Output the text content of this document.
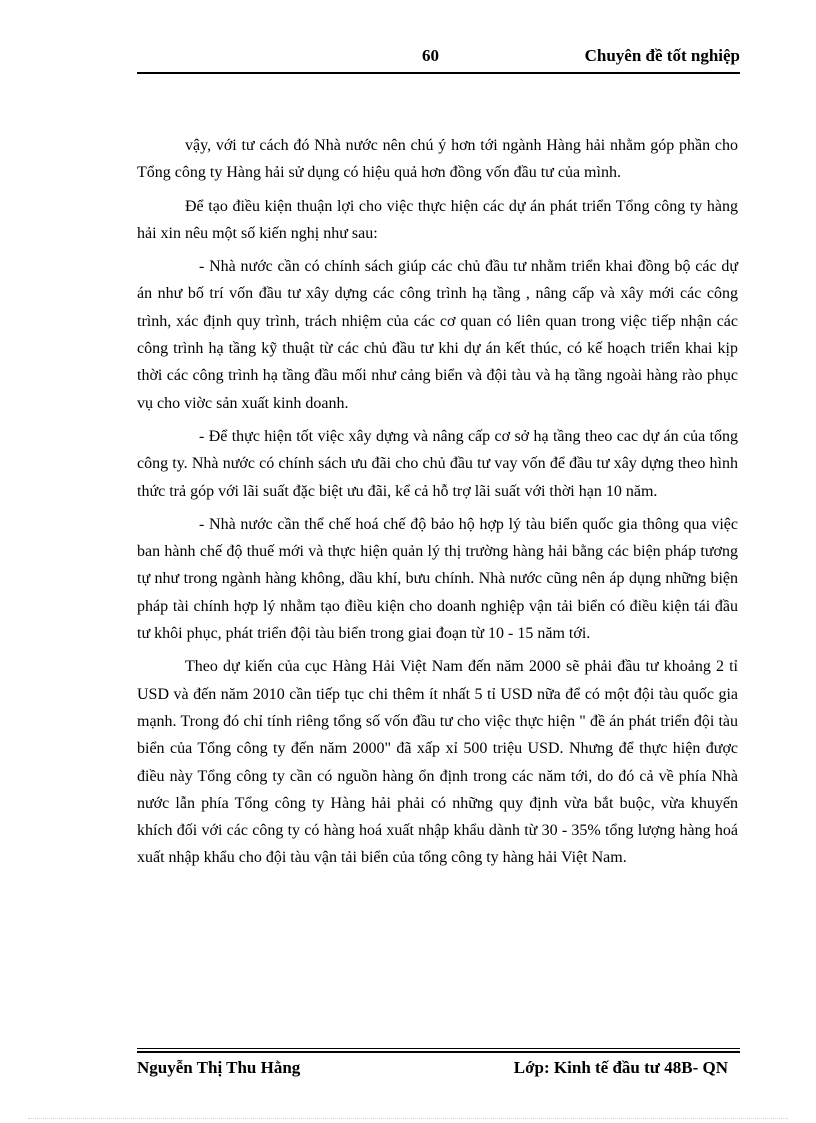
60	Chuyên đề tốt nghiệp

vậy, với tư cách đó Nhà nước nên chú ý hơn tới ngành Hàng hải nhằm góp phần cho Tổng công ty Hàng hải sử dụng có hiệu quả hơn đồng vốn đầu tư của mình.

Để tạo điều kiện thuận lợi cho việc thực hiện các dự án phát triển Tổng công ty hàng hải xin nêu một số kiến nghị như sau:

- Nhà nước cần có chính sách giúp các chủ đầu tư nhằm triển khai đồng bộ các dự án như bố trí vốn đầu tư xây dựng các công trình hạ tầng , nâng cấp và xây mới các công trình, xác định quy trình, trách nhiệm của các cơ quan có liên quan trong việc tiếp nhận các công trình hạ tầng kỹ thuật từ các chủ đầu tư khi dự án kết thúc, có kế hoạch triển khai kịp thời các công trình hạ tầng đầu mối như cảng biển và đội tàu và hạ tầng ngoài hàng rào phục vụ cho viờc sản xuất kinh doanh.

- Để thực hiện tốt việc xây dựng và nâng cấp cơ sở hạ tầng theo cac dự án của tổng công ty. Nhà nước có chính sách ưu đãi cho chủ đầu tư vay vốn để đầu tư xây dựng theo hình thức trả góp với lãi suất đặc biệt ưu đãi, kể cả hỗ trợ lãi suất với thời hạn 10 năm.

- Nhà nước cần thể chế hoá chế độ bảo hộ hợp lý tàu biển quốc gia thông qua việc ban hành chế độ thuế mới và thực hiện quản lý thị trường hàng hải bằng các biện pháp tương tự như trong ngành hàng không, dầu khí, bưu chính. Nhà nước cũng nên áp dụng những biện pháp tài chính hợp lý nhằm tạo điều kiện cho doanh nghiệp vận tải biển có điều kiện tái đầu tư khôi phục, phát triển đội tàu biển trong giai đoạn từ 10 - 15 năm tới.

Theo dự kiến của cục Hàng Hải Việt Nam đến năm 2000 sẽ phải đầu tư khoảng 2 tỉ USD và đến năm 2010 cần tiếp tục chi thêm ít nhất 5 tỉ USD nữa để có một đội tàu quốc gia mạnh. Trong đó chỉ tính riêng tổng số vốn đầu tư cho việc thực hiện " đề án phát triển đội tàu biển của Tổng công ty đến năm 2000" đã xấp xỉ 500 triệu USD. Nhưng để thực hiện được điều này Tổng công ty cần có nguồn hàng ổn định trong các năm tới, do đó cả về phía Nhà nước lẫn phía Tổng công ty Hàng hải phải có những quy định vừa bắt buộc, vừa khuyến khích đối với các công ty có hàng hoá xuất nhập khẩu dành từ 30 - 35% tổng lượng hàng hoá xuất nhập khẩu cho đội tàu vận tải biển của tổng công ty hàng hải Việt Nam.

Nguyễn Thị Thu Hằng	Lớp: Kinh tế đầu tư 48B- QN
